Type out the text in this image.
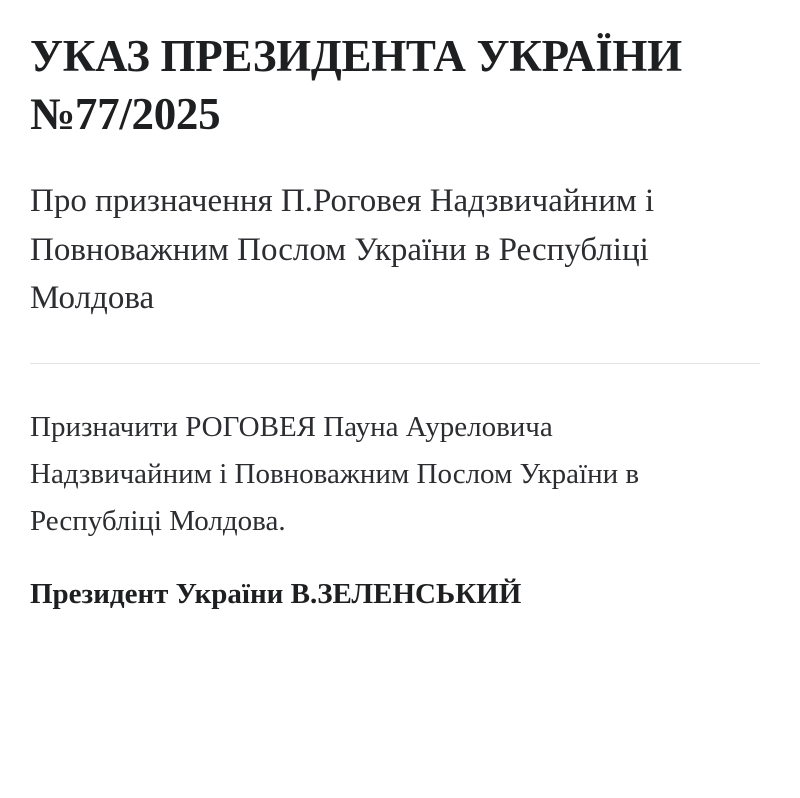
УКАЗ ПРЕЗИДЕНТА УКРАЇНИ №77/2025
Про призначення П.Роговея Надзвичайним і Повноважним Послом України в Республіці Молдова

Призначити РОГОВЕЯ Пауна Ауреловича Надзвичайним і Повноважним Послом України в Республіці Молдова.

Президент України В.ЗЕЛЕНСЬКИЙ
